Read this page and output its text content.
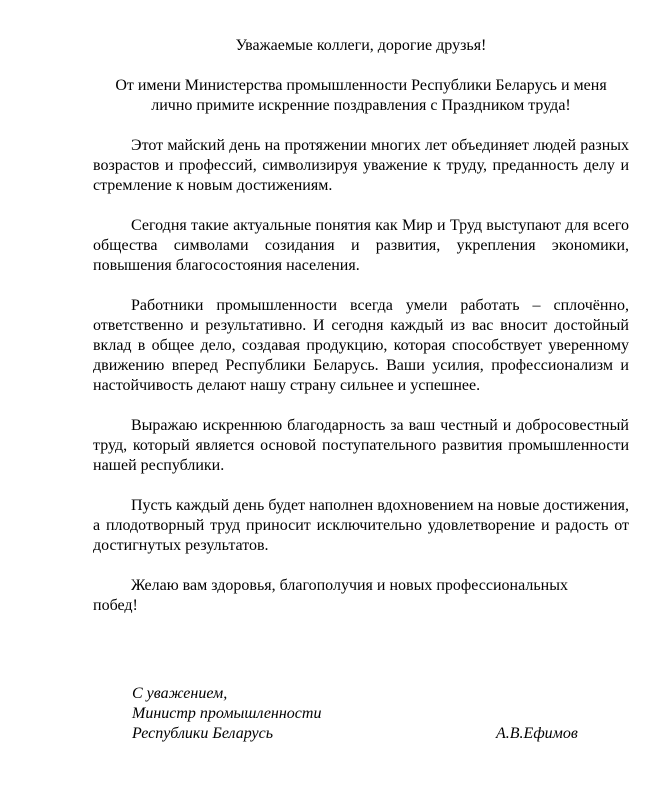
Уважаемые коллеги, дорогие друзья!
От имени Министерства промышленности Республики Беларусь и меня
лично примите искренние поздравления с Праздником труда!

Этот майский день на протяжении многих лет объединяет людей разных возрастов и профессий, символизируя уважение к труду, преданность делу и стремление к новым достижениям.

Сегодня такие актуальные понятия как Мир и Труд выступают для всего общества символами созидания и развития, укрепления экономики, повышения благосостояния населения.

Работники промышленности всегда умели работать – сплочённо, ответственно и результативно. И сегодня каждый из вас вносит достойный вклад в общее дело, создавая продукцию, которая способствует уверенному движению вперед Республики Беларусь. Ваши усилия, профессионализм и настойчивость делают нашу страну сильнее и успешнее.

Выражаю искреннюю благодарность за ваш честный и добросовестный труд, который является основой поступательного развития промышленности нашей республики.

Пусть каждый день будет наполнен вдохновением на новые достижения, а плодотворный труд приносит исключительно удовлетворение и радость от достигнутых результатов.

Желаю вам здоровья, благополучия и новых профессиональных побед!

С уважением,
Министр промышленности
Республики Беларусь	А.В.Ефимов
